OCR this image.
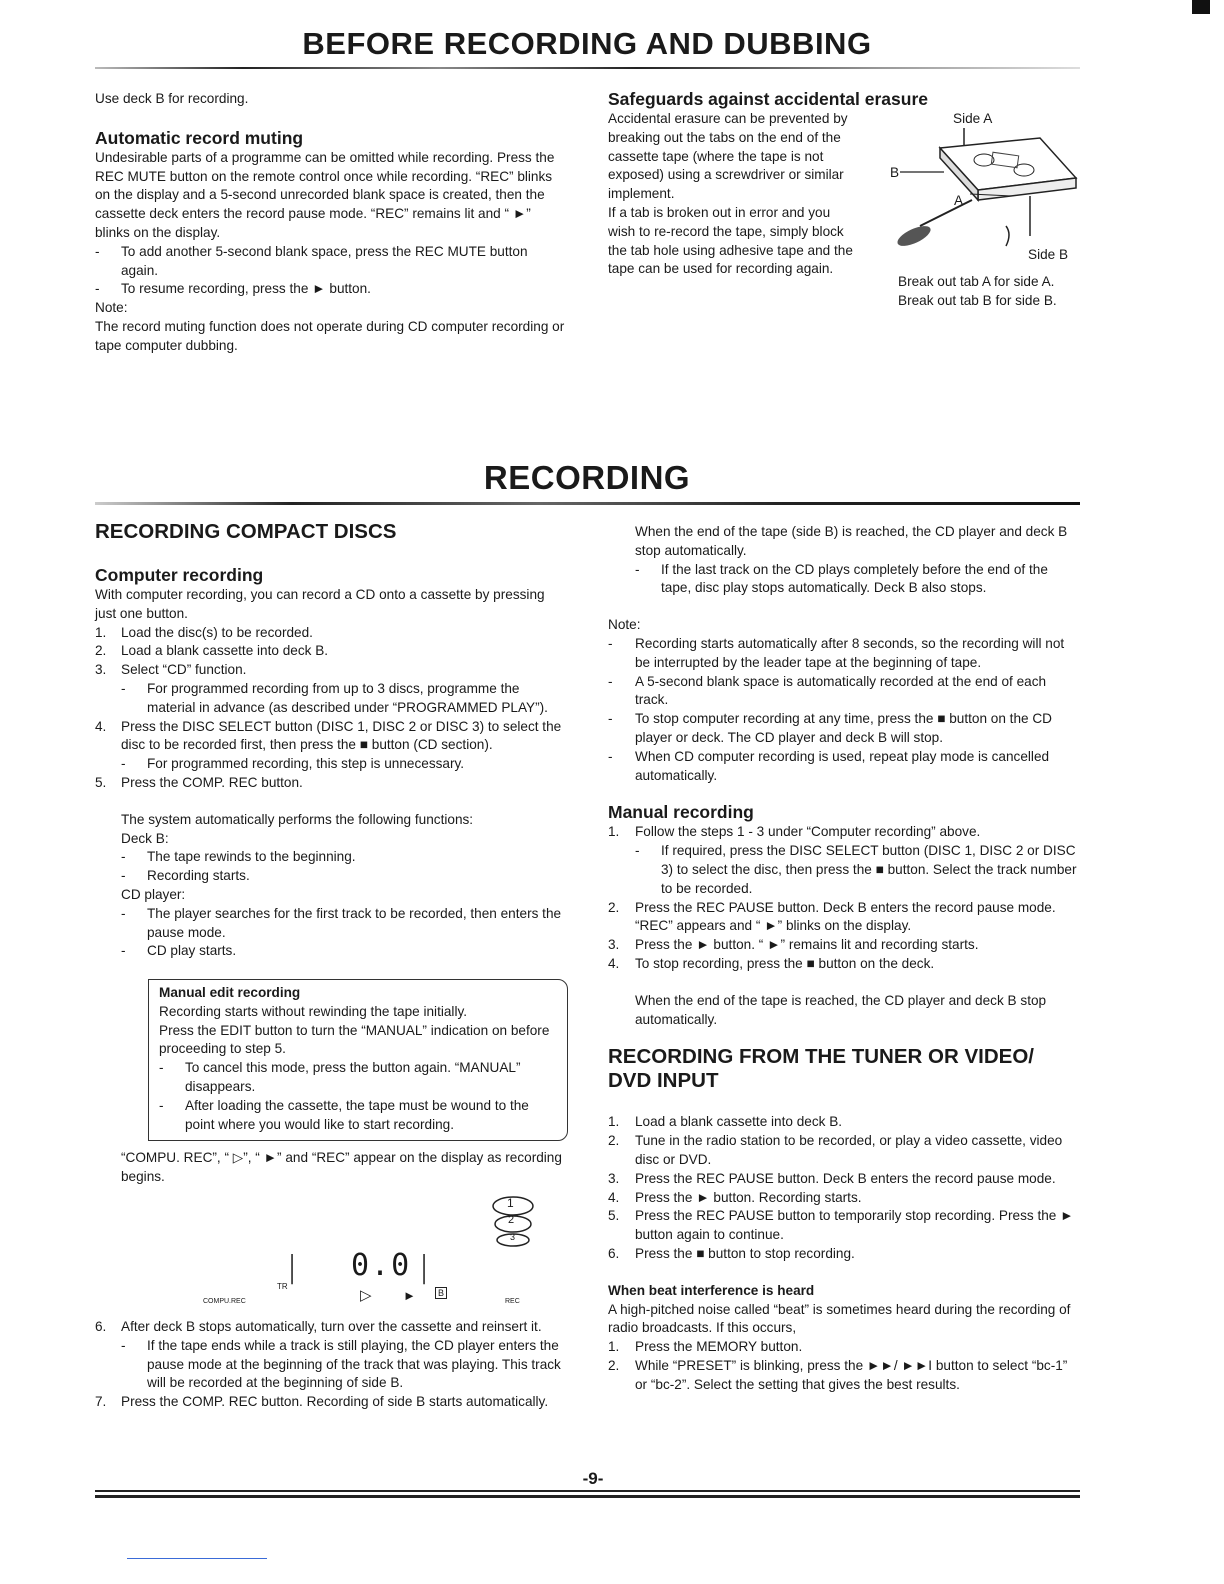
BEFORE RECORDING AND DUBBING

Use deck B for recording.

Automatic record muting

Undesirable parts of a programme can be omitted while recording. Press the REC MUTE button on the remote control once while recording. “REC” blinks on the display and a 5-second unrecorded blank space is created, then the cassette deck enters the record pause mode. “REC” remains lit and “ ►” blinks on the display.

-	To add another 5-second blank space, press the REC MUTE button again.
-	To resume recording, press the ► button.

Note:

The record muting function does not operate during CD computer recording or tape computer dubbing.

Safeguards against accidental erasure

Accidental erasure can be prevented by breaking out the tabs on the end of the cassette tape (where the tape is not exposed) using a screwdriver or similar implement.

If a tab is broken out in error and you wish to re-record the tape, simply block the tab hole using adhesive tape and the tape can be used for recording again.

Side A
B
A
Side B

Break out tab A for side A.

Break out tab B for side B.

RECORDING

RECORDING COMPACT DISCS

Computer recording

With computer recording, you can record a CD onto a cassette by pressing just one button.

1.	Load the disc(s) to be recorded.
2.	Load a blank cassette into deck B.
3.	Select “CD” function.
-	For programmed recording from up to 3 discs, programme the material in advance (as described under “PROGRAMMED PLAY”).
4.	Press the DISC SELECT button (DISC 1, DISC 2 or DISC 3) to select the disc to be recorded first, then press the ■ button (CD section).
-	For programmed recording, this step is unnecessary.
5.	Press the COMP. REC button.

The system automatically performs the following functions:

Deck B:

-	The tape rewinds to the beginning.
-	Recording starts.

CD player:

-	The player searches for the first track to be recorded, then enters the pause mode.
-	CD play starts.

Manual edit recording

Recording starts without rewinding the tape initially.

Press the EDIT button to turn the “MANUAL” indication on before proceeding to step 5.

-	To cancel this mode, press the button again. “MANUAL” disappears.
-	After loading the cassette, the tape must be wound to the point where you would like to start recording.

“COMPU. REC”, “ ▷”, “ ►” and “REC” appear on the display as recording begins.

1
2
3
| 0.0 |
TR
COMPU.REC	▷ ►	B
REC
6.	After deck B stops automatically, turn over the cassette and reinsert it.
-	If the tape ends while a track is still playing, the CD player enters the pause mode at the beginning of the track that was playing. This track will be recorded at the beginning of side B.
7.	Press the COMP. REC button. Recording of side B starts automatically.

When the end of the tape (side B) is reached, the CD player and deck B stop automatically.

-	If the last track on the CD plays completely before the end of the tape, disc play stops automatically. Deck B also stops.

Note:

-	Recording starts automatically after 8 seconds, so the recording will not be interrupted by the leader tape at the beginning of tape.
-	A 5-second blank space is automatically recorded at the end of each track.
-	To stop computer recording at any time, press the ■ button on the CD player or deck. The CD player and deck B will stop.
-	When CD computer recording is used, repeat play mode is cancelled automatically.

Manual recording

1.	Follow the steps 1 - 3 under “Computer recording” above.
-	If required, press the DISC SELECT button (DISC 1, DISC 2 or DISC 3) to select the disc, then press the ■ button. Select the track number to be recorded.
2.	Press the REC PAUSE button. Deck B enters the record pause mode. “REC” appears and “ ►” blinks on the display.
3.	Press the ► button. “ ►” remains lit and recording starts.
4.	To stop recording, press the ■ button on the deck.

When the end of the tape is reached, the CD player and deck B stop automatically.

RECORDING FROM THE TUNER OR VIDEO/ DVD INPUT

1.	Load a blank cassette into deck B.
2.	Tune in the radio station to be recorded, or play a video cassette, video disc or DVD.
3.	Press the REC PAUSE button. Deck B enters the record pause mode.
4.	Press the ► button. Recording starts.
5.	Press the REC PAUSE button to temporarily stop recording. Press the ► button again to continue.
6.	Press the ■ button to stop recording.

When beat interference is heard

A high-pitched noise called “beat” is sometimes heard during the recording of radio broadcasts. If this occurs,

1.	Press the MEMORY button.
2.	While “PRESET” is blinking, press the ►►/ ►►I button to select “bc-1” or “bc-2”. Select the setting that gives the best results.
-9-
